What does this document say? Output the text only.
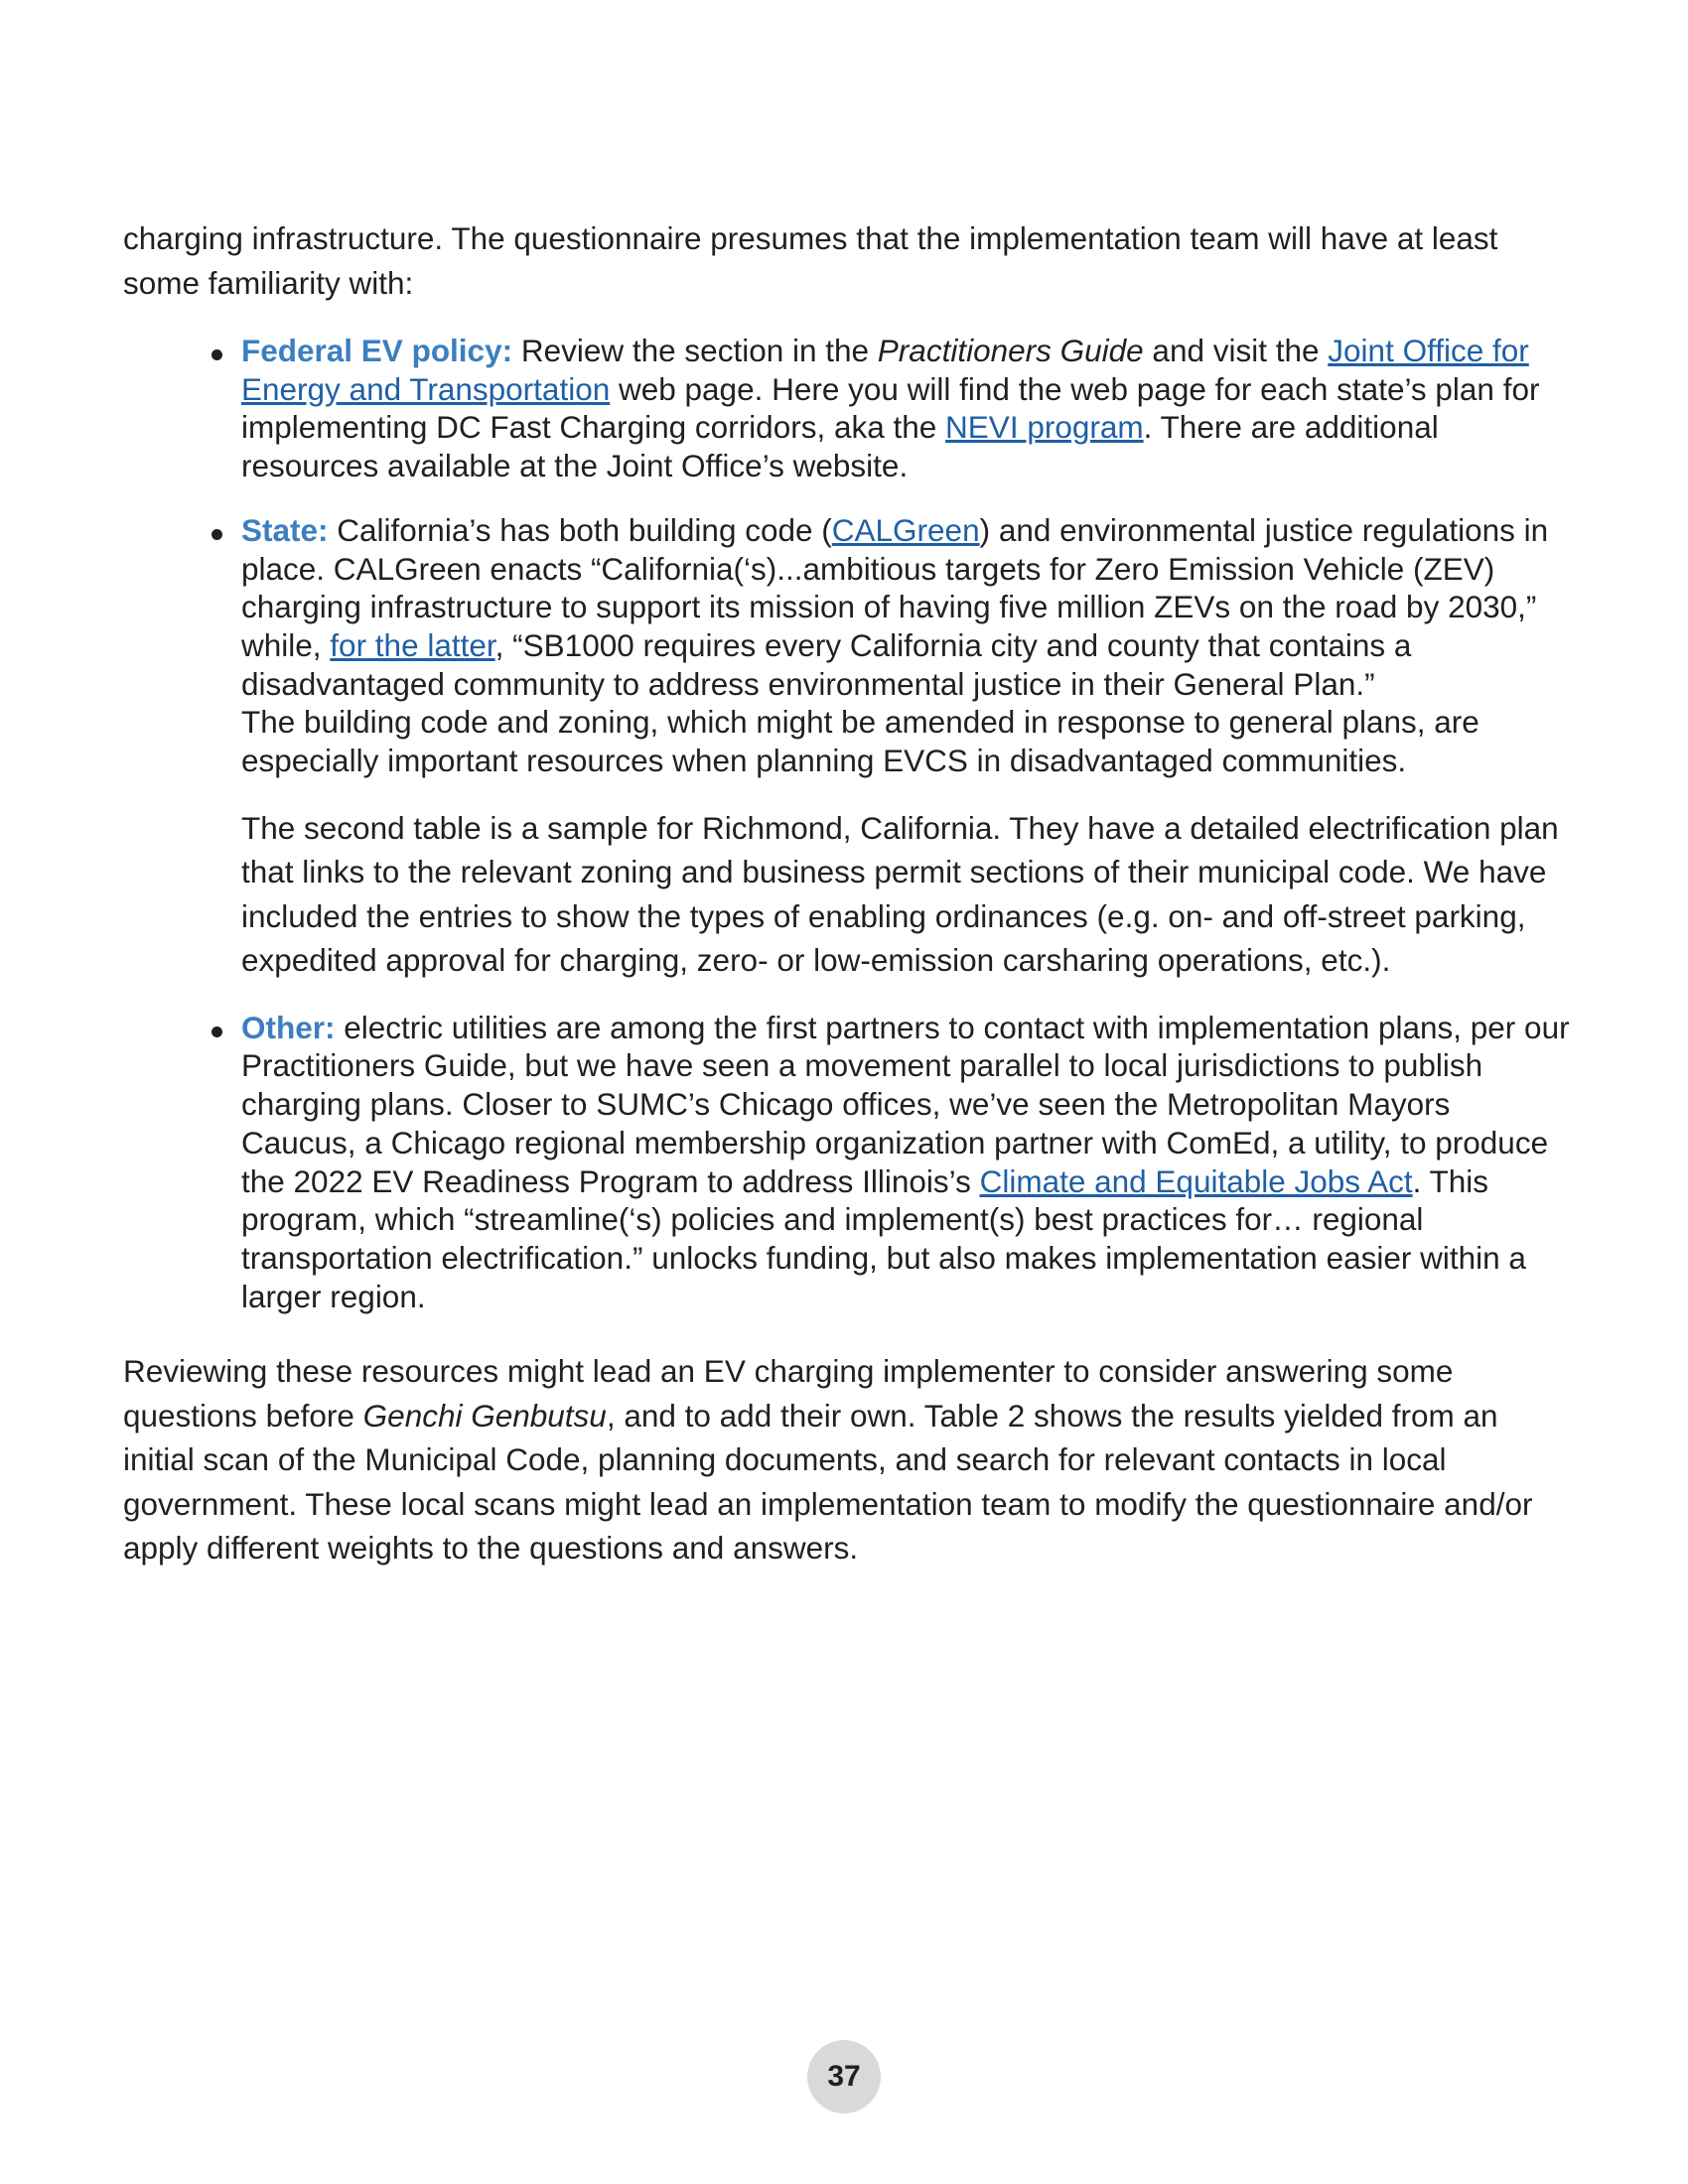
charging infrastructure. The questionnaire presumes that the implementation team will have at least some familiarity with:

Federal EV policy: Review the section in the Practitioners Guide and visit the Joint Office for Energy and Transportation web page. Here you will find the web page for each state’s plan for implementing DC Fast Charging corridors, aka the NEVI program. There are additional resources available at the Joint Office’s website.

State: California’s has both building code (CALGreen) and environmental justice regulations in place. CALGreen enacts “California(‘s)...ambitious targets for Zero Emission Vehicle (ZEV) charging infrastructure to support its mission of having five million ZEVs on the road by 2030,” while, for the latter, “SB1000 requires every California city and county that contains a disadvantaged community to address environmental justice in their General Plan.”
The building code and zoning, which might be amended in response to general plans, are especially important resources when planning EVCS in disadvantaged communities.

The second table is a sample for Richmond, California. They have a detailed electrification plan that links to the relevant zoning and business permit sections of their municipal code. We have included the entries to show the types of enabling ordinances (e.g. on- and off-street parking, expedited approval for charging, zero- or low-emission carsharing operations, etc.).

Other: electric utilities are among the first partners to contact with implementation plans, per our Practitioners Guide, but we have seen a movement parallel to local jurisdictions to publish charging plans. Closer to SUMC’s Chicago offices, we’ve seen the Metropolitan Mayors Caucus, a Chicago regional membership organization partner with ComEd, a utility, to produce the 2022 EV Readiness Program to address Illinois’s Climate and Equitable Jobs Act. This program, which “streamline(‘s) policies and implement(s) best practices for… regional transportation electrification.” unlocks funding, but also makes implementation easier within a larger region.

Reviewing these resources might lead an EV charging implementer to consider answering some questions before Genchi Genbutsu, and to add their own. Table 2 shows the results yielded from an initial scan of the Municipal Code, planning documents, and search for relevant contacts in local government. These local scans might lead an implementation team to modify the questionnaire and/or apply different weights to the questions and answers.

37
